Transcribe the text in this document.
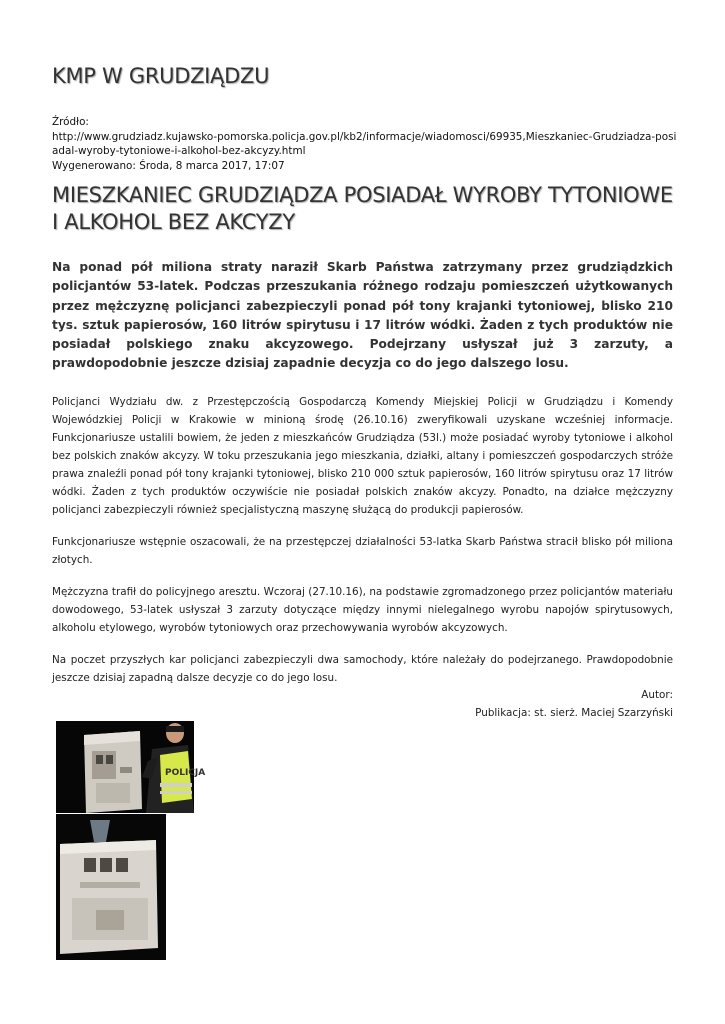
KMP W GRUDZIĄDZU
Źródło:
http://www.grudziadz.kujawsko-pomorska.policja.gov.pl/kb2/informacje/wiadomosci/69935,Mieszkaniec-Grudziadza-posiadal-wyroby-tytoniowe-i-alkohol-bez-akcyzy.html
Wygenerowano: Środa, 8 marca 2017, 17:07
MIESZKANIEC GRUDZIĄDZA POSIADAŁ WYROBY TYTONIOWE I ALKOHOL BEZ AKCYZY

Na ponad pół miliona straty naraził Skarb Państwa zatrzymany przez grudziądzkich policjantów 53-latek. Podczas przeszukania różnego rodzaju pomieszczeń użytkowanych przez mężczyznę policjanci zabezpieczyli ponad pół tony krajanki tytoniowej, blisko 210 tys. sztuk papierosów, 160 litrów spirytusu i 17 litrów wódki. Żaden z tych produktów nie posiadał polskiego znaku akcyzowego. Podejrzany usłyszał już 3 zarzuty, a prawdopodobnie jeszcze dzisiaj zapadnie decyzja co do jego dalszego losu.

Policjanci Wydziału dw. z Przestępczością Gospodarczą Komendy Miejskiej Policji w Grudziądzu i Komendy Wojewódzkiej Policji w Krakowie w minioną środę (26.10.16) zweryfikowali uzyskane wcześniej informacje. Funkcjonariusze ustalili bowiem, że jeden z mieszkańców Grudziądza (53l.) może posiadać wyroby tytoniowe i alkohol bez polskich znaków akcyzy. W toku przeszukania jego mieszkania, działki, altany i pomieszczeń gospodarczych stróże prawa znaleźli ponad pół tony krajanki tytoniowej, blisko 210 000 sztuk papierosów, 160 litrów spirytusu oraz 17 litrów wódki. Żaden z tych produktów oczywiście nie posiadał polskich znaków akcyzy. Ponadto, na działce mężczyzny policjanci zabezpieczyli również specjalistyczną maszynę służącą do produkcji papierosów.

Funkcjonariusze wstępnie oszacowali, że na przestępczej działalności 53-latka Skarb Państwa stracił blisko pół miliona złotych.

Mężczyzna trafił do policyjnego aresztu. Wczoraj (27.10.16), na podstawie zgromadzonego przez policjantów materiału dowodowego, 53-latek usłyszał 3 zarzuty dotyczące między innymi nielegalnego wyrobu napojów spirytusowych, alkoholu etylowego, wyrobów tytoniowych oraz przechowywania wyrobów akcyzowych.

Na poczet przyszłych kar policjanci zabezpieczyli dwa samochody, które należały do podejrzanego. Prawdopodobnie jeszcze dzisiaj zapadną dalsze decyzje co do jego losu.

Autor:
Publikacja: st. sierż. Maciej Szarzyński
POLICJA
